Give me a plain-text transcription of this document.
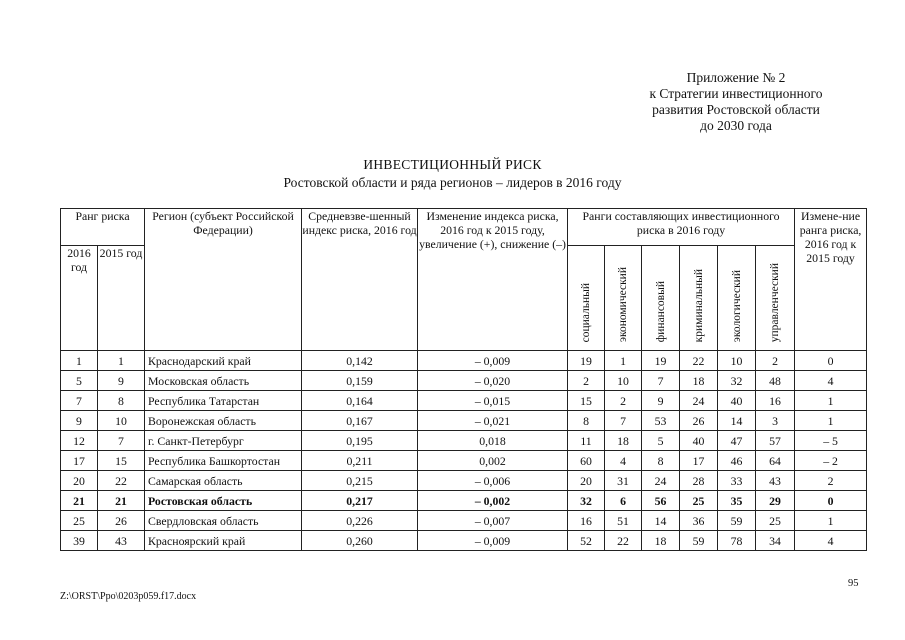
Приложение № 2
к Стратегии инвестиционного
развития Ростовской области
до 2030 года
ИНВЕСТИЦИОННЫЙ РИСК
Ростовской области и ряда регионов – лидеров в 2016 году
Ранг риска		Регион (субъект Российской Федерации)	Средневзве-шенный индекс риска, 2016 год	Изменение индекса риска, 2016 год к 2015 году, увеличение (+), снижение (–)	Ранги составляющих инвестиционного риска в 2016 году						Измене-ние ранга риска, 2016 год к 2015 году
2016 год	2015 год				социальный	экономический	финансовый	криминальный	экологический	управленческий	

1	1	Краснодарский край	0,142	– 0,009	19	1	19	22	10	2	0
5	9	Московская область	0,159	– 0,020	2	10	7	18	32	48	4
7	8	Республика Татарстан	0,164	– 0,015	15	2	9	24	40	16	1
9	10	Воронежская область	0,167	– 0,021	8	7	53	26	14	3	1
12	7	г. Санкт-Петербург	0,195	0,018	11	18	5	40	47	57	– 5
17	15	Республика Башкортостан	0,211	0,002	60	4	8	17	46	64	– 2
20	22	Самарская область	0,215	– 0,006	20	31	24	28	33	43	2
21	21	Ростовская область	0,217	– 0,002	32	6	56	25	35	29	0
25	26	Свердловская область	0,226	– 0,007	16	51	14	36	59	25	1
39	43	Красноярский край	0,260	– 0,009	52	22	18	59	78	34	4
95
Z:\ORST\Ppo\0203p059.f17.docx
